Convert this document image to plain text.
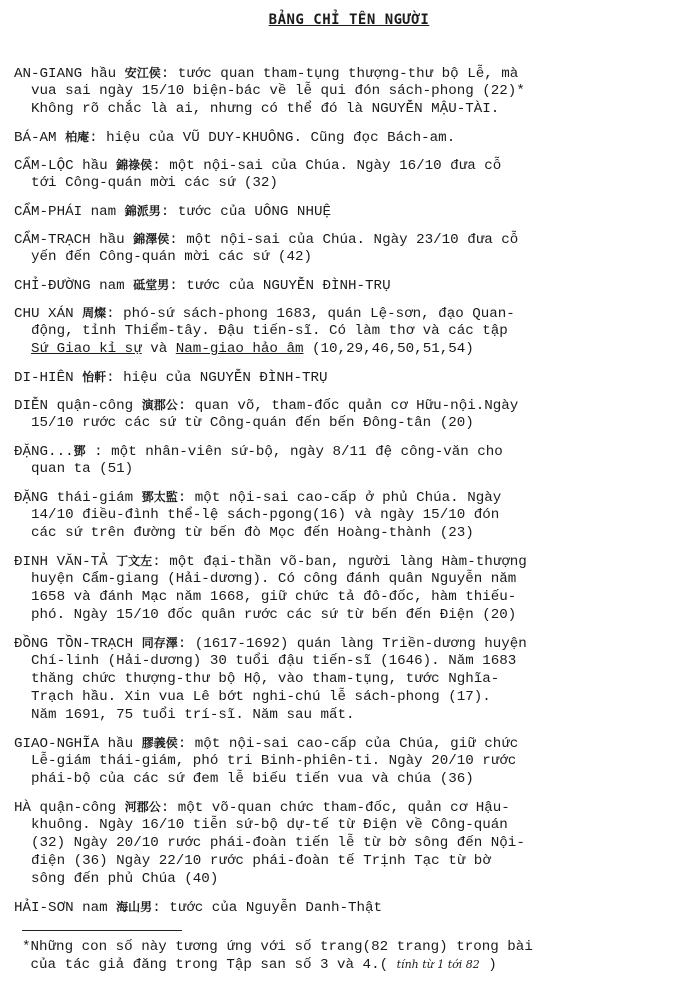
BẢNG CHỈ TÊN NGƯỜI
AN-GIANG hầu 安江侯: tước quan tham-tụng thượng-thư bộ Lễ, mà
vua sai ngày 15/10 biện-bác về lễ qui đón sách-phong (22)*
Không rõ chắc là ai, nhưng có thể đó là NGUYỄN MẬU-TÀI.
BÁ-AM 柏庵: hiệu của VŨ DUY-KHUÔNG. Cũng đọc Bách-am.
CẨM-LỘC hầu 錦祿侯: một nội-sai của Chúa. Ngày 16/10 đưa cỗ
tới Công-quán mời các sứ (32)
CẨM-PHÁI nam 錦派男: tước của UÔNG NHUỆ
CẨM-TRẠCH hầu 錦澤侯: một nội-sai của Chúa. Ngày 23/10 đưa cỗ
yến đến Công-quán mời các sứ (42)
CHỈ-ĐƯỜNG nam 砥堂男: tước của NGUYỄN ĐÌNH-TRỤ
CHU XÁN 周燦: phó-sứ sách-phong 1683, quán Lệ-sơn, đạo Quan-
động, tỉnh Thiểm-tây. Đậu tiến-sĩ. Có làm thơ và các tập
Sứ Giao kỉ sự và Nam-giao hảo âm (10,29,46,50,51,54)
DI-HIÊN 怡軒: hiệu của NGUYỄN ĐÌNH-TRỤ
DIỄN quận-công 演郡公: quan võ, tham-đốc quản cơ Hữu-nội.Ngày
15/10 rước các sứ từ Công-quán đến bến Đông-tân (20)
ĐẶNG...鄧 : một nhân-viên sứ-bộ, ngày 8/11 đệ công-văn cho
quan ta (51)
ĐẶNG thái-giám 鄧太監: một nội-sai cao-cấp ở phủ Chúa. Ngày
14/10 điều-đình thể-lệ sách-pgong(16) và ngày 15/10 đón
các sứ trên đường từ bến đò Mọc đến Hoàng-thành (23)
ĐINH VĂN-TẢ 丁文左: một đại-thần võ-ban, người làng Hàm-thượng
huyện Cẩm-giang (Hải-dương). Có công đánh quân Nguyễn năm
1658 và đánh Mạc năm 1668, giữ chức tả đô-đốc, hàm thiếu-
phó. Ngày 15/10 đốc quân rước các sứ từ bến đến Điện (20)
ĐỒNG TỒN-TRẠCH 同存澤: (1617-1692) quán làng Triền-dương huyện
Chí-linh (Hải-dương) 30 tuổi đậu tiến-sĩ (1646). Năm 1683
thăng chức thượng-thư bộ Hộ, vào tham-tụng, tước Nghĩa-
Trạch hầu. Xin vua Lê bớt nghi-chú lễ sách-phong (17).
Năm 1691, 75 tuổi trí-sĩ. Năm sau mất.
GIAO-NGHĨA hầu 膠義侯: một nội-sai cao-cấp của Chúa, giữ chức
Lễ-giám thái-giám, phó tri Binh-phiên-ti. Ngày 20/10 rước
phái-bộ của các sứ đem lễ biếu tiến vua và chúa (36)
HÀ quận-công 河郡公: một võ-quan chức tham-đốc, quản cơ Hậu-
khuông. Ngày 16/10 tiễn sứ-bộ dự-tế từ Điện về Công-quán
(32) Ngày 20/10 rước phái-đoàn tiến lễ từ bờ sông đến Nội-
điện (36) Ngày 22/10 rước phái-đoàn tế Trịnh Tạc từ bờ
sông đến phủ Chúa (40)
HẢI-SƠN nam 海山男: tước của Nguyễn Danh-Thật
*Những con số này tương ứng với số trang(82 trang) trong bài
của tác giả đăng trong Tập san số 3 và 4.( tính từ 1 tới 82 )
